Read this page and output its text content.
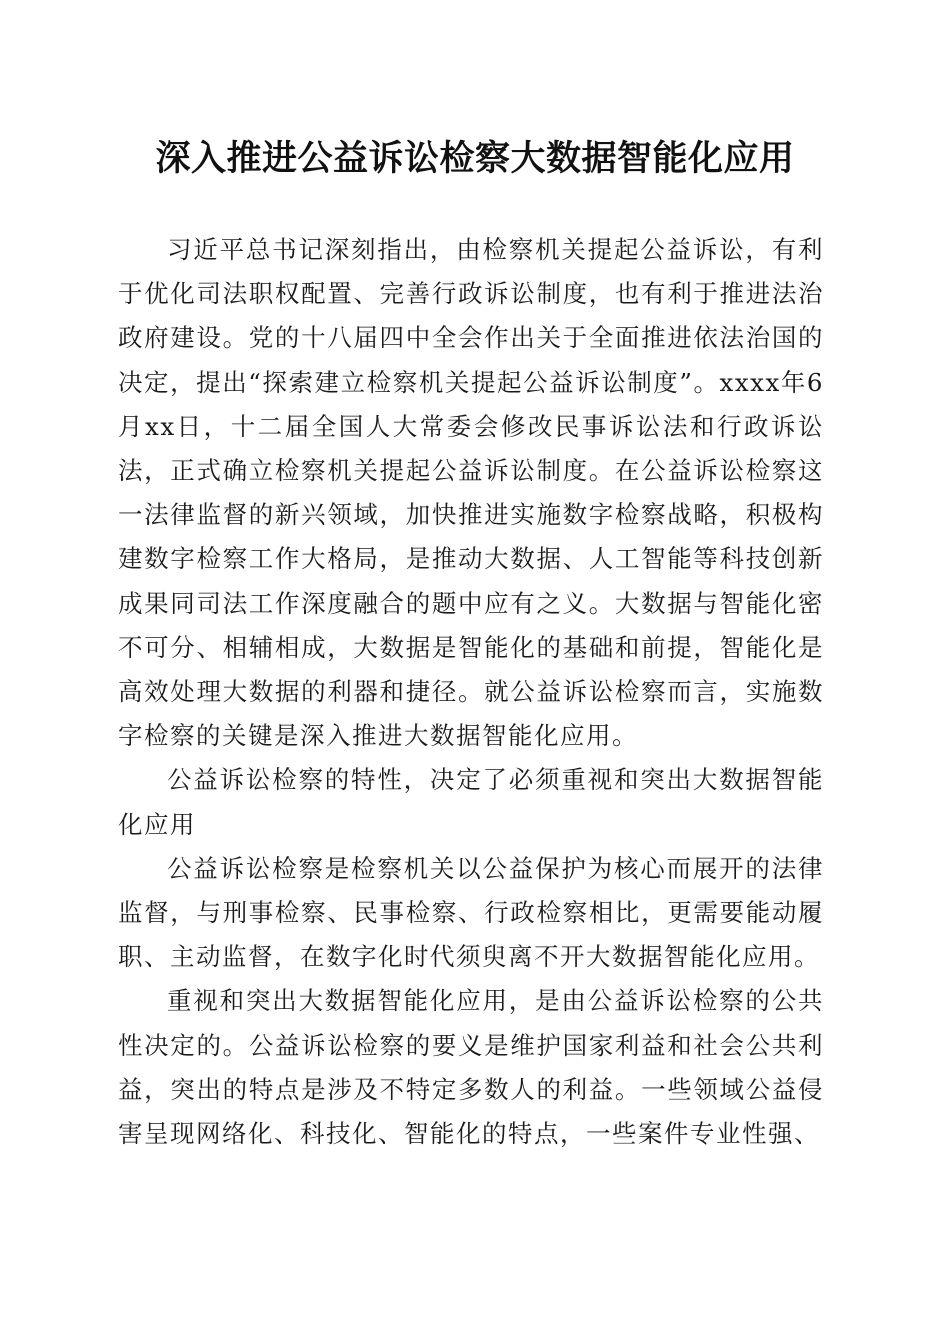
深入推进公益诉讼检察大数据智能化应用

习近平总书记深刻指出，由检察机关提起公益诉讼，有利于优化司法职权配置、完善行政诉讼制度，也有利于推进法治政府建设。党的十八届四中全会作出关于全面推进依法治国的决定，提出“探索建立检察机关提起公益诉讼制度”。xxxx年6月xx日，十二届全国人大常委会修改民事诉讼法和行政诉讼法，正式确立检察机关提起公益诉讼制度。在公益诉讼检察这一法律监督的新兴领域，加快推进实施数字检察战略，积极构建数字检察工作大格局，是推动大数据、人工智能等科技创新成果同司法工作深度融合的题中应有之义。大数据与智能化密不可分、相辅相成，大数据是智能化的基础和前提，智能化是高效处理大数据的利器和捷径。就公益诉讼检察而言，实施数字检察的关键是深入推进大数据智能化应用。

公益诉讼检察的特性，决定了必须重视和突出大数据智能化应用

公益诉讼检察是检察机关以公益保护为核心而展开的法律监督，与刑事检察、民事检察、行政检察相比，更需要能动履职、主动监督，在数字化时代须臾离不开大数据智能化应用。

重视和突出大数据智能化应用，是由公益诉讼检察的公共性决定的。公益诉讼检察的要义是维护国家利益和社会公共利益，突出的特点是涉及不特定多数人的利益。一些领域公益侵害呈现网络化、科技化、智能化的特点，一些案件专业性强、
